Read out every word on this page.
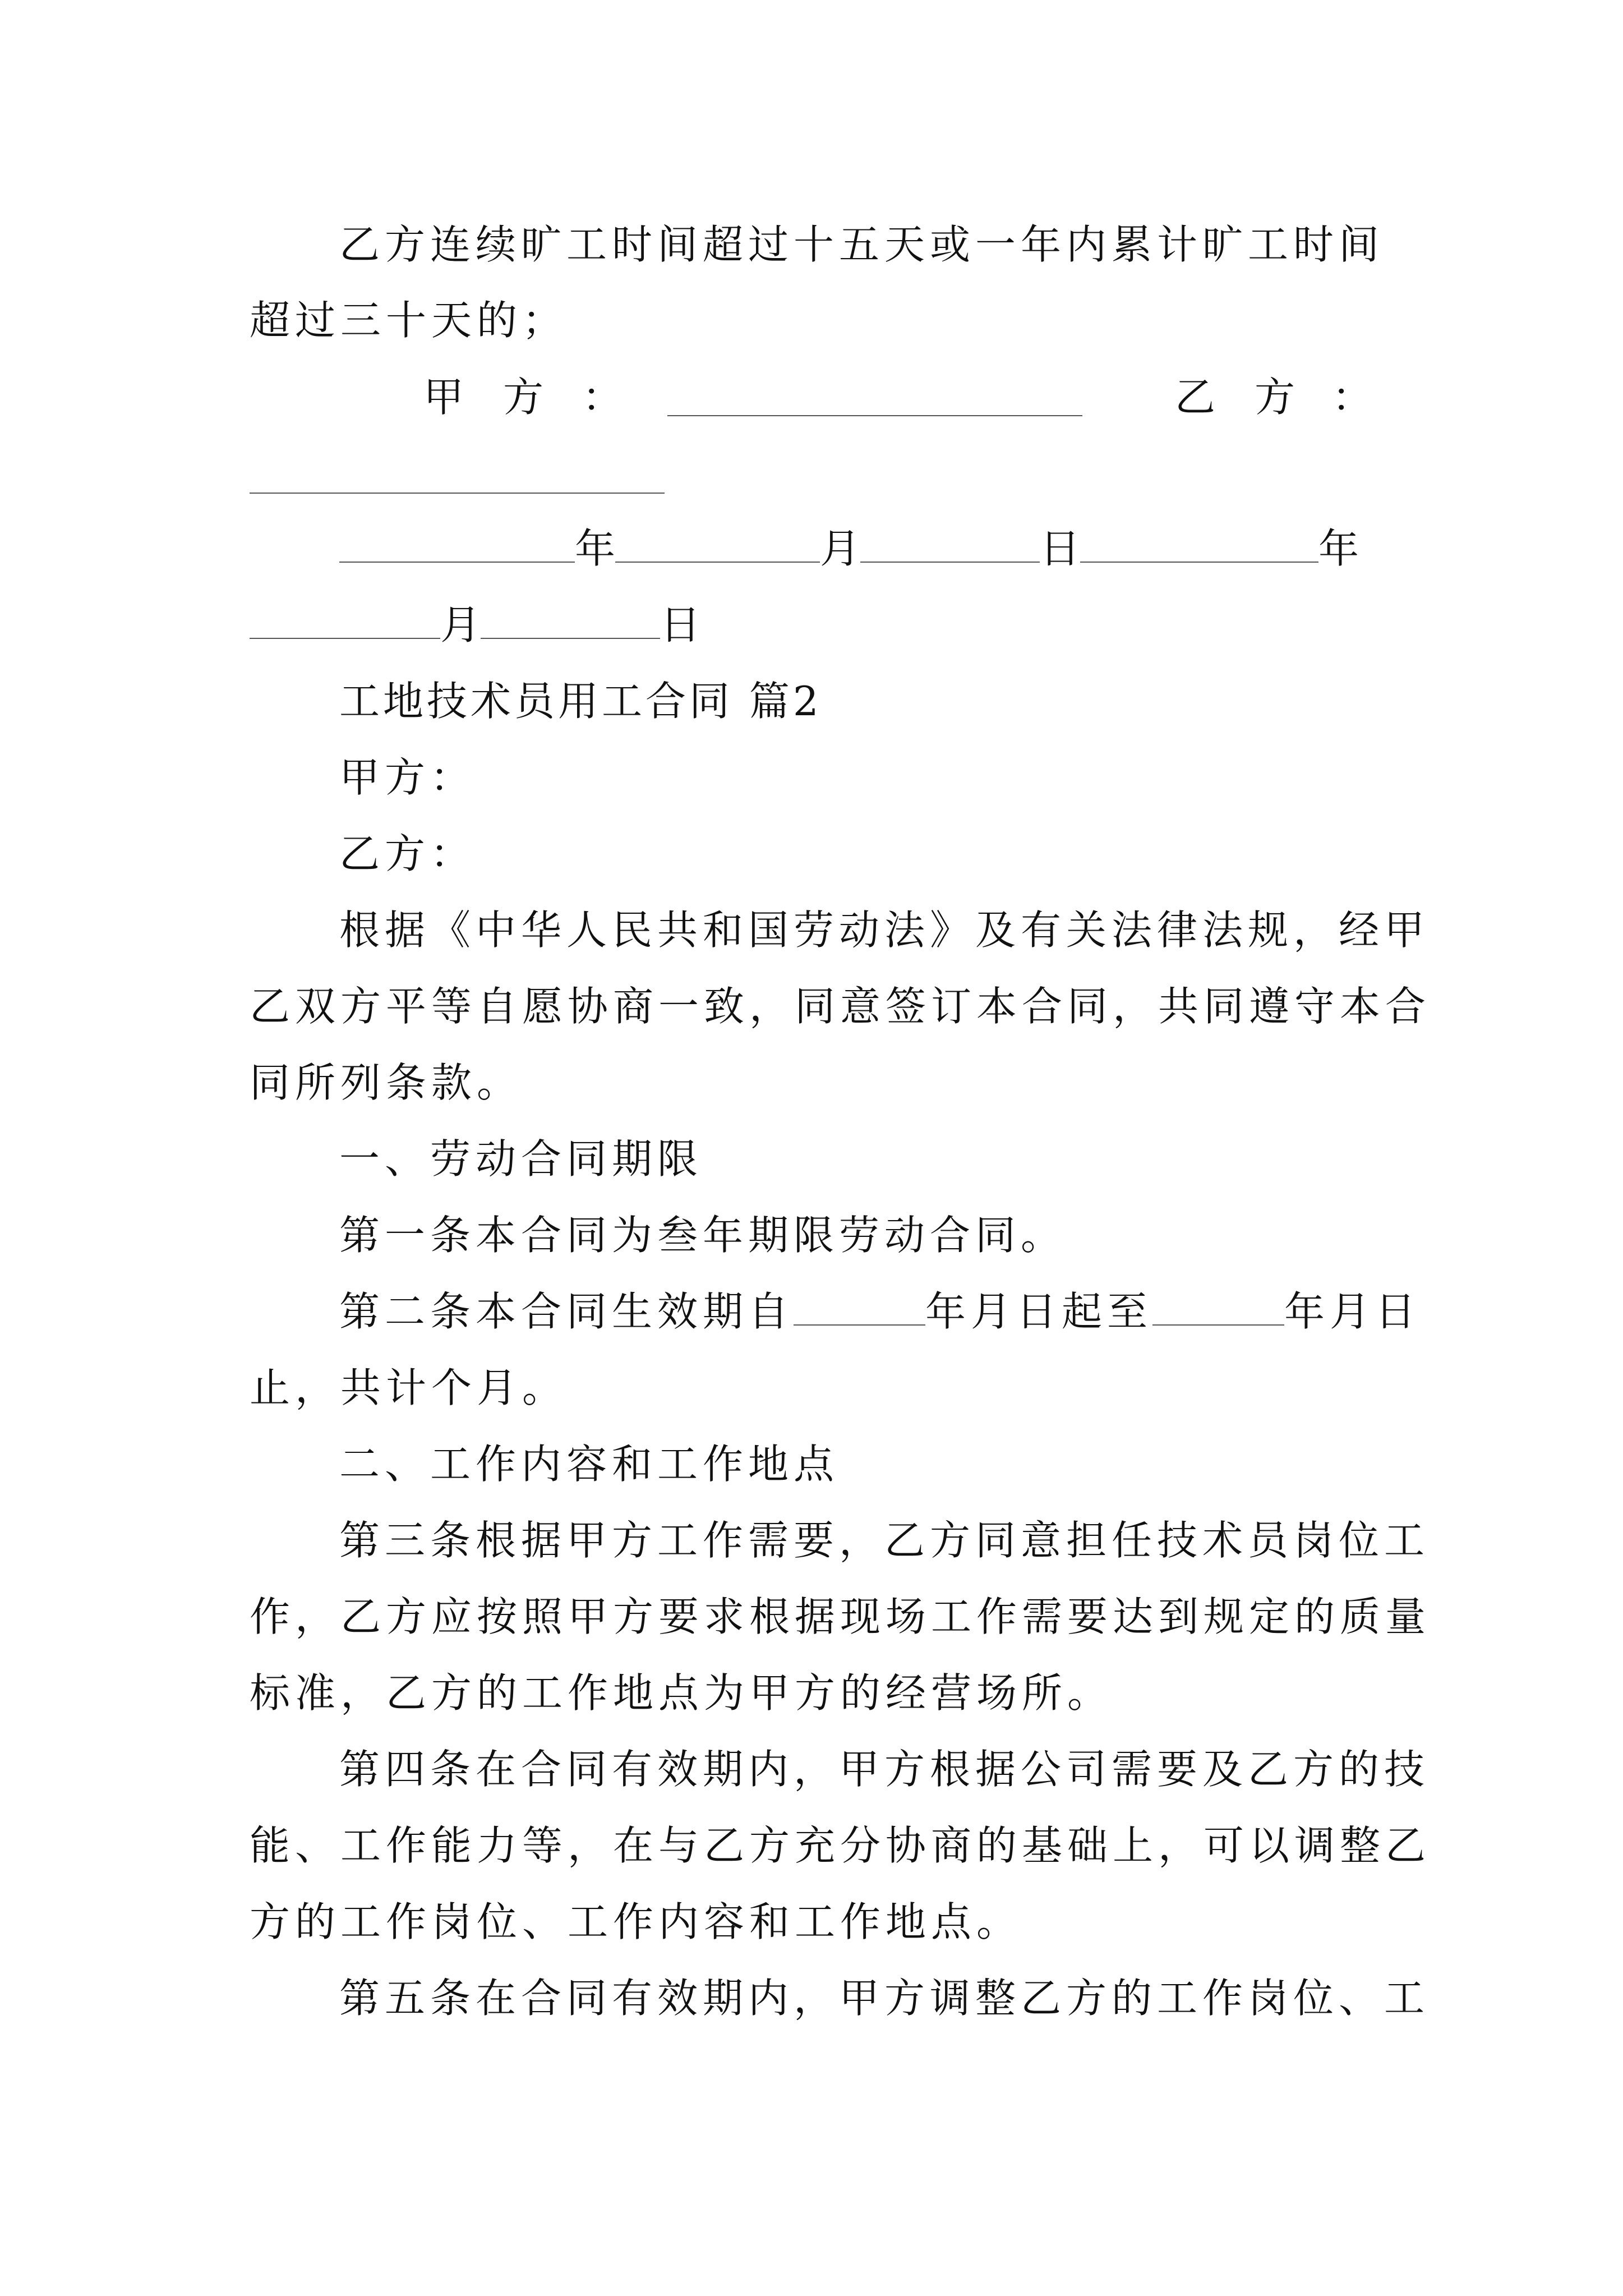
乙方连续旷工时间超过十五天或一年内累计旷工时间
超过三十天的；
甲 方 ：	乙 方 ：
年	月	日	年
月	日
工地技术员用工合同 篇2
甲方：
乙方：
根据《中华人民共和国劳动法》及有关法律法规，经甲
乙双方平等自愿协商一致，同意签订本合同，共同遵守本合
同所列条款。
一、劳动合同期限
第一条本合同为叁年期限劳动合同。
第二条本合同生效期自	年月日起至	年月日
止，共计个月。
二、工作内容和工作地点
第三条根据甲方工作需要，乙方同意担任技术员岗位工
作，乙方应按照甲方要求根据现场工作需要达到规定的质量
标准，乙方的工作地点为甲方的经营场所。
第四条在合同有效期内，甲方根据公司需要及乙方的技
能、工作能力等，在与乙方充分协商的基础上，可以调整乙
方的工作岗位、工作内容和工作地点。
第五条在合同有效期内，甲方调整乙方的工作岗位、工
